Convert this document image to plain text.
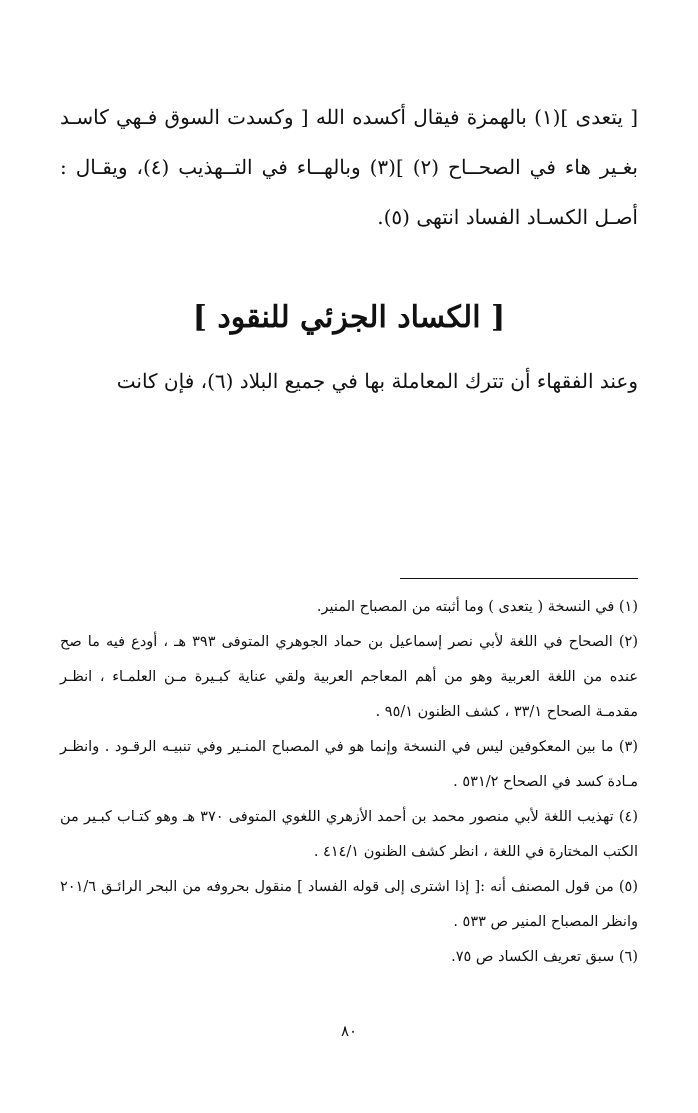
[ يتعدى ](١) بالهمزة فيقال أكسده الله [ وكسدت السوق فـهي كاسـد بغـير هاء في الصحــاح (٢) ](٣) وبالهــاء في التــهذيب (٤)، ويقـال : أصـل الكسـاد الفساد انتهى (٥).

[ الكساد الجزئي للنقود ]

وعند الفقهاء أن تترك المعاملة بها في جميع البلاد (٦)، فإن كانت

(١) في النسخة ( يتعدى ) وما أثبته من المصباح المنير.
(٢) الصحاح في اللغة لأبي نصر إسماعيل بن حماد الجوهري المتوفى ٣٩٣ هـ ، أودع فيه ما صح عنده من اللغة العربية وهو من أهم المعاجم العربية ولقي عناية كبـيرة مـن العلمـاء ، انظـر مقدمـة الصحاح ٣٣/١ ، كشف الظنون ٩٥/١ .
(٣) ما بين المعكوفين ليس في النسخة وإنما هو في المصباح المنـير وفي تنبيـه الرقـود . وانظـر مـادة كسد في الصحاح ٥٣١/٢ .
(٤) تهذيب اللغة لأبي منصور محمد بن أحمد الأزهري اللغوي المتوفى ٣٧٠ هـ وهو كتـاب كبـير من الكتب المختارة في اللغة ، انظر كشف الظنون ٤١٤/١ .
(٥) من قول المصنف أنه :[ إذا اشترى إلى قوله الفساد ] منقول بحروفه من البحر الرائـق ٢٠١/٦ وانظر المصباح المنير ص ٥٣٣ .
(٦) سبق تعريف الكساد ص ٧٥.
٨٠
